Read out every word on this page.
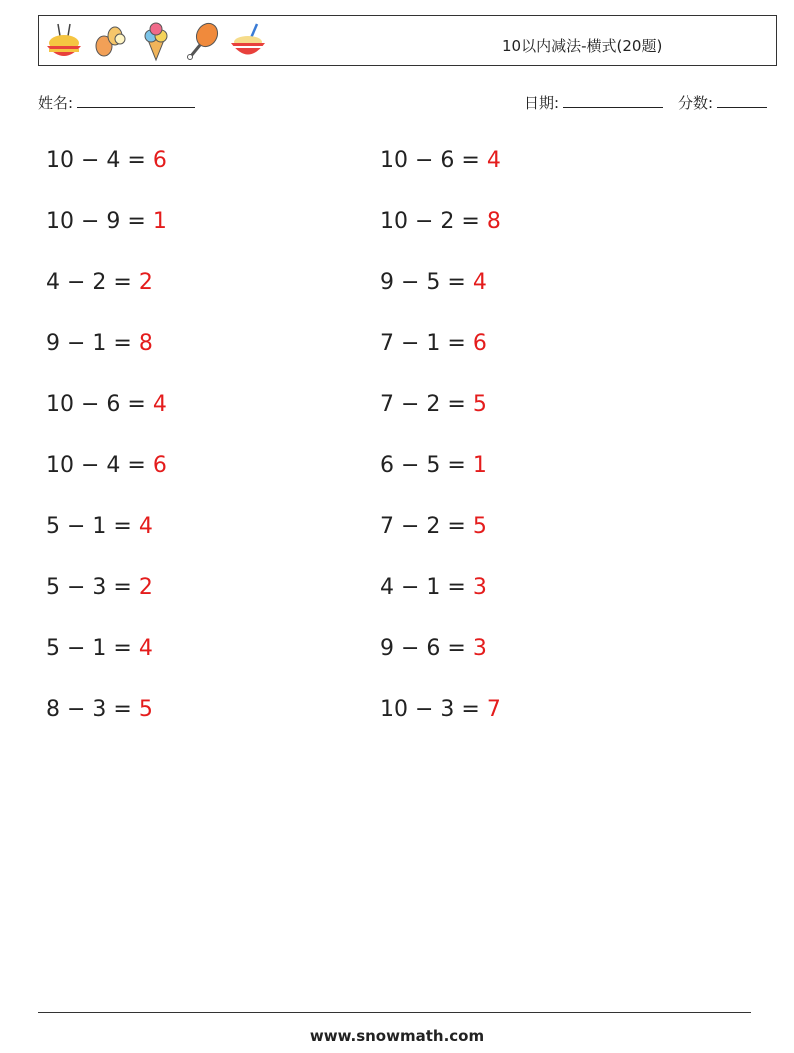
10以内减法-横式(20题)
姓名:	日期:	分数:
10 − 4 = 6	10 − 6 = 4
10 − 9 = 1	10 − 2 = 8
4 − 2 = 2	9 − 5 = 4
9 − 1 = 8	7 − 1 = 6
10 − 6 = 4	7 − 2 = 5
10 − 4 = 6	6 − 5 = 1
5 − 1 = 4	7 − 2 = 5
5 − 3 = 2	4 − 1 = 3
5 − 1 = 4	9 − 6 = 3
8 − 3 = 5	10 − 3 = 7
www.snowmath.com
